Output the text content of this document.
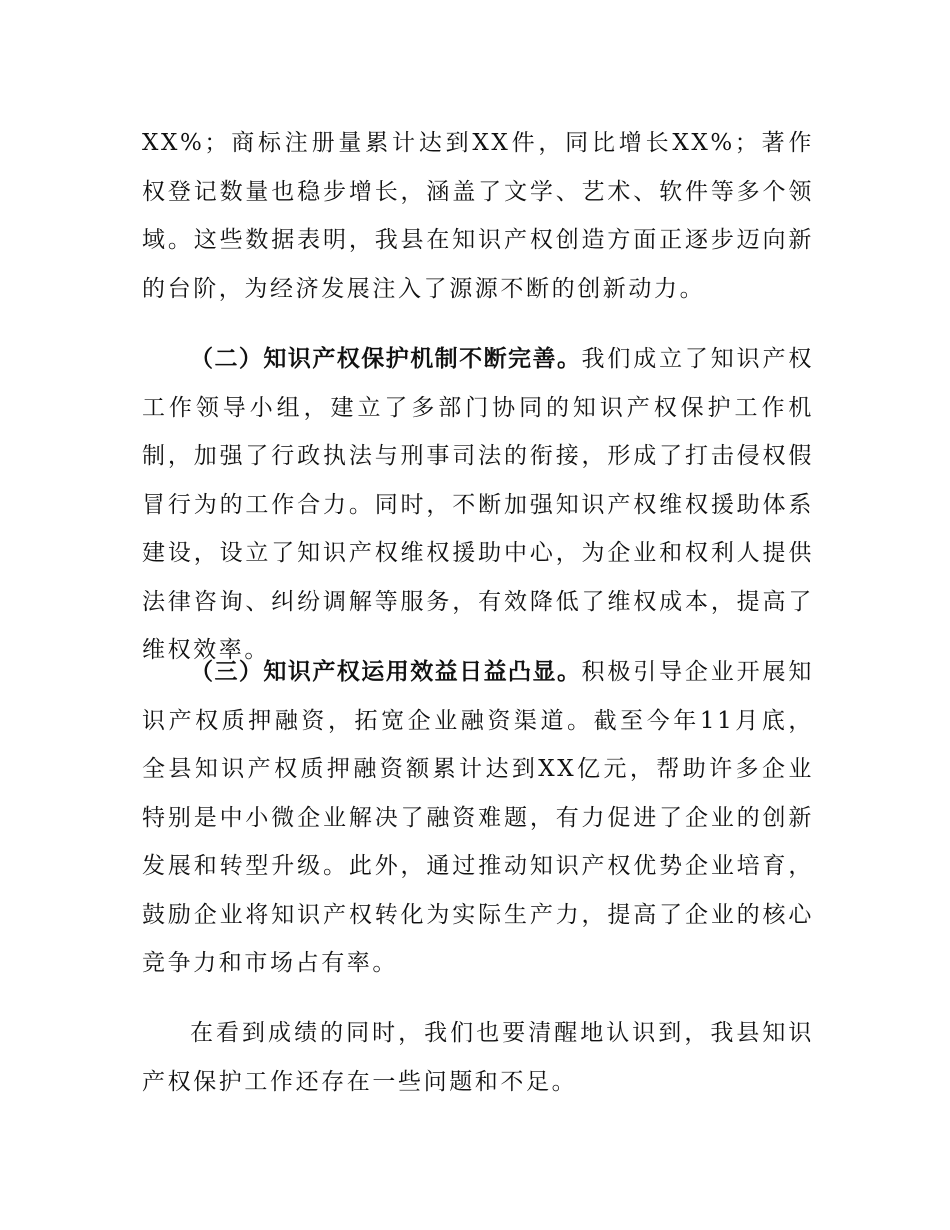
XX%；商标注册量累计达到XX件，同比增长XX%；著作权登记数量也稳步增长，涵盖了文学、艺术、软件等多个领域。这些数据表明，我县在知识产权创造方面正逐步迈向新的台阶，为经济发展注入了源源不断的创新动力。

（二）知识产权保护机制不断完善。我们成立了知识产权工作领导小组，建立了多部门协同的知识产权保护工作机制，加强了行政执法与刑事司法的衔接，形成了打击侵权假冒行为的工作合力。同时，不断加强知识产权维权援助体系建设，设立了知识产权维权援助中心，为企业和权利人提供法律咨询、纠纷调解等服务，有效降低了维权成本，提高了维权效率。

（三）知识产权运用效益日益凸显。积极引导企业开展知识产权质押融资，拓宽企业融资渠道。截至今年11月底，全县知识产权质押融资额累计达到XX亿元，帮助许多企业特别是中小微企业解决了融资难题，有力促进了企业的创新发展和转型升级。此外，通过推动知识产权优势企业培育，鼓励企业将知识产权转化为实际生产力，提高了企业的核心竞争力和市场占有率。

在看到成绩的同时，我们也要清醒地认识到，我县知识产权保护工作还存在一些问题和不足。
